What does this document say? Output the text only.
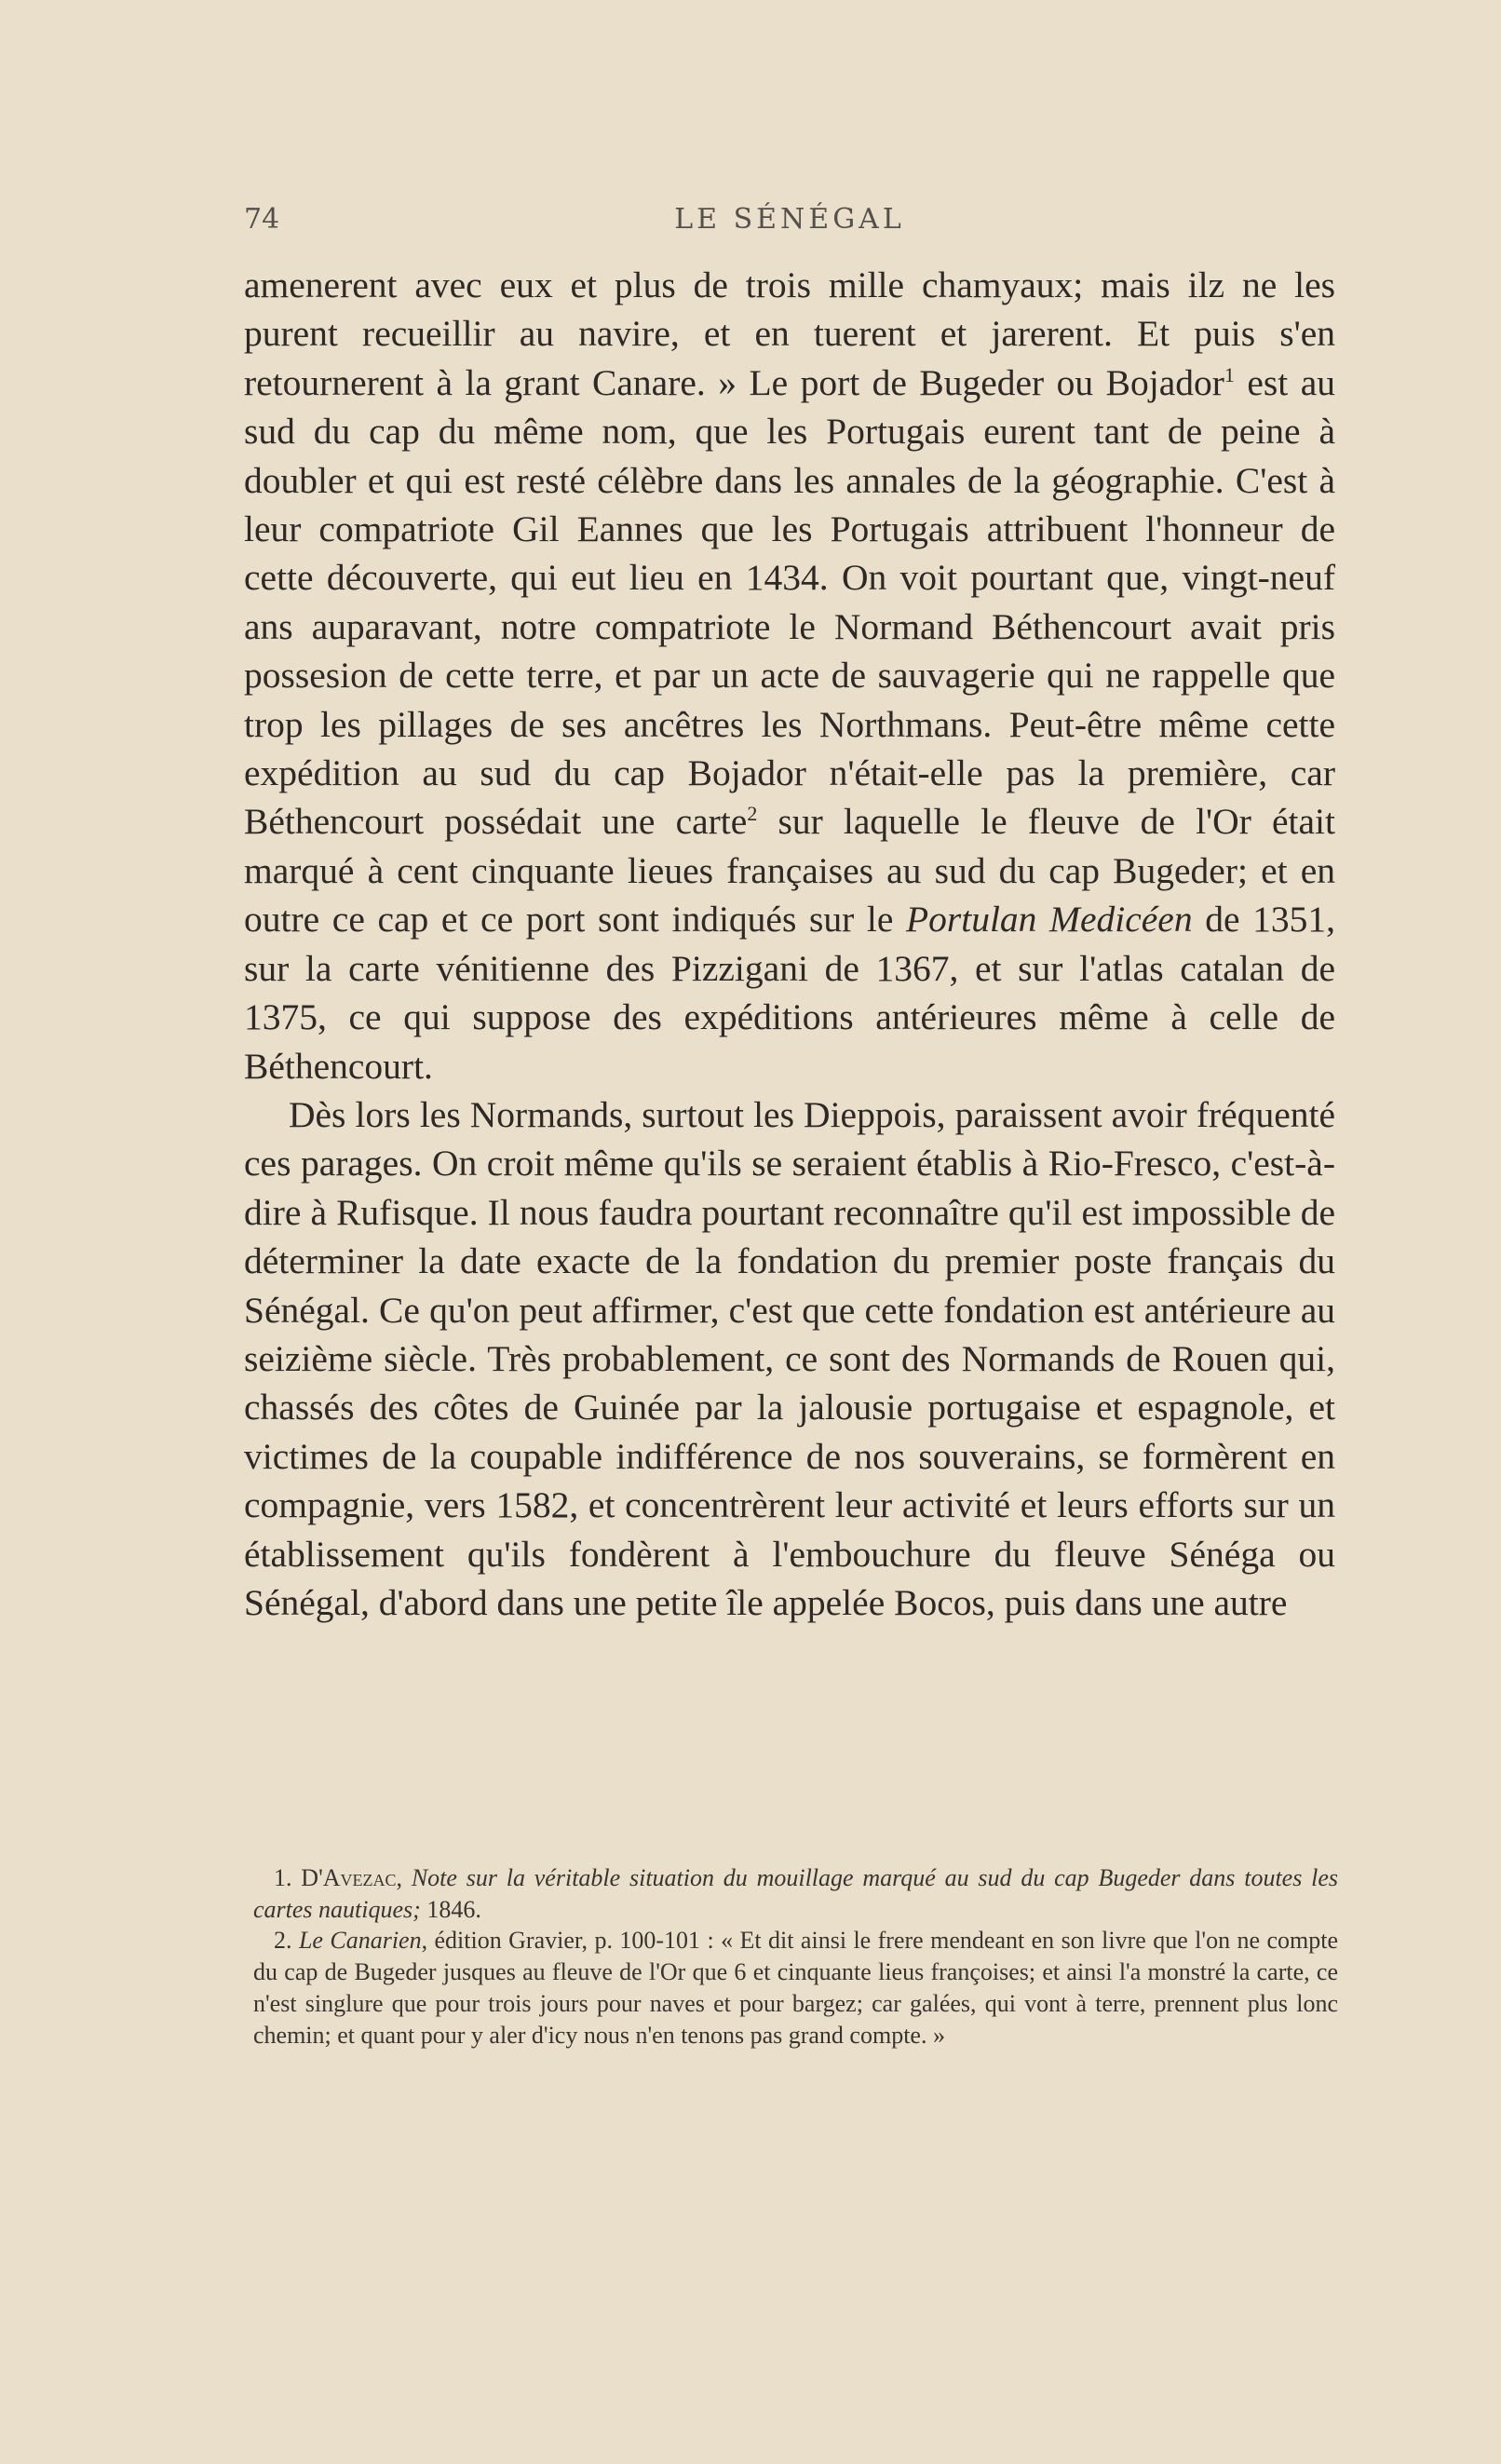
74	LE SÉNÉGAL

amenerent avec eux et plus de trois mille chamyaux; mais ilz ne les purent recueillir au navire, et en tuerent et jarerent. Et puis s'en retournerent à la grant Canare. » Le port de Bugeder ou Bojador$^1$ est au sud du cap du même nom, que les Portugais eurent tant de peine à doubler et qui est resté célèbre dans les annales de la géographie. C'est à leur compatriote Gil Eannes que les Portugais attribuent l'honneur de cette découverte, qui eut lieu en 1434. On voit pourtant que, vingt-neuf ans auparavant, notre compatriote le Normand Béthencourt avait pris possesion de cette terre, et par un acte de sauvagerie qui ne rappelle que trop les pillages de ses ancêtres les Northmans. Peut-être même cette expédition au sud du cap Bojador n'était-elle pas la première, car Béthencourt possédait une carte$^2$ sur laquelle le fleuve de l'Or était marqué à cent cinquante lieues françaises au sud du cap Bugeder; et en outre ce cap et ce port sont indiqués sur le Portulan Medicéen de 1351, sur la carte vénitienne des Pizzigani de 1367, et sur l'atlas catalan de 1375, ce qui suppose des expéditions antérieures même à celle de Béthencourt.

Dès lors les Normands, surtout les Dieppois, paraissent avoir fréquenté ces parages. On croit même qu'ils se seraient établis à Rio-Fresco, c'est-à-dire à Rufisque. Il nous faudra pourtant reconnaître qu'il est impossible de déterminer la date exacte de la fondation du premier poste français du Sénégal. Ce qu'on peut affirmer, c'est que cette fondation est antérieure au seizième siècle. Très probablement, ce sont des Normands de Rouen qui, chassés des côtes de Guinée par la jalousie portugaise et espagnole, et victimes de la coupable indifférence de nos souverains, se formèrent en compagnie, vers 1582, et concentrèrent leur activité et leurs efforts sur un établissement qu'ils fondèrent à l'embouchure du fleuve Sénéga ou Sénégal, d'abord dans une petite île appelée Bocos, puis dans une autre

1. D'Avezac, Note sur la véritable situation du mouillage marqué au sud du cap Bugeder dans toutes les cartes nautiques; 1846.

2. Le Canarien, édition Gravier, p. 100-101 : « Et dit ainsi le frere mendeant en son livre que l'on ne compte du cap de Bugeder jusques au fleuve de l'Or que 6 et cinquante lieus françoises; et ainsi l'a monstré la carte, ce n'est singlure que pour trois jours pour naves et pour bargez; car galées, qui vont à terre, prennent plus lonc chemin; et quant pour y aler d'icy nous n'en tenons pas grand compte. »
